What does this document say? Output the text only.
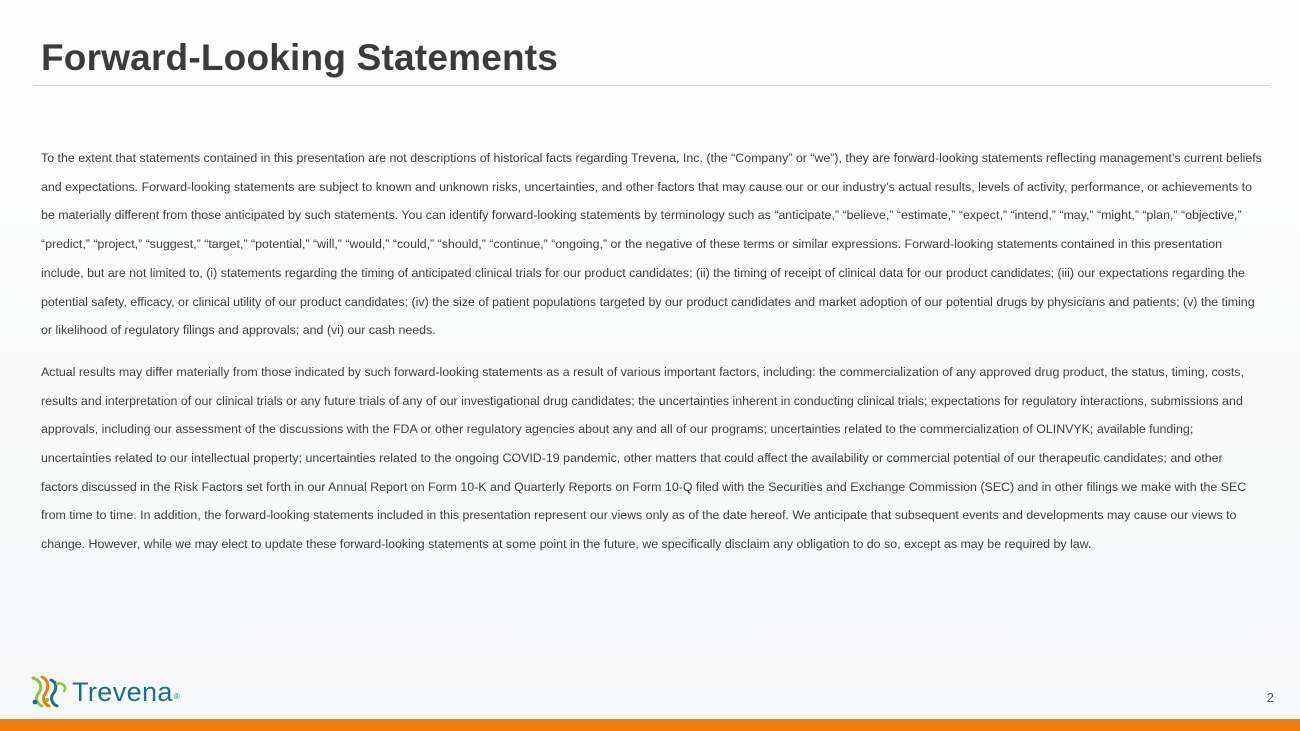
Forward-Looking Statements

To the extent that statements contained in this presentation are not descriptions of historical facts regarding Trevena, Inc. (the “Company” or “we”), they are forward-looking statements reflecting management’s current beliefs and expectations. Forward-looking statements are subject to known and unknown risks, uncertainties, and other factors that may cause our or our industry’s actual results, levels of activity, performance, or achievements to be materially different from those anticipated by such statements. You can identify forward-looking statements by terminology such as “anticipate,” “believe,” “estimate,” “expect,” “intend,” “may,” “might,” “plan,” “objective,” “predict,” “project,” “suggest,” “target,” “potential,” “will,” “would,” “could,” “should,” “continue,” “ongoing,” or the negative of these terms or similar expressions. Forward-looking statements contained in this presentation include, but are not limited to, (i) statements regarding the timing of anticipated clinical trials for our product candidates; (ii) the timing of receipt of clinical data for our product candidates; (iii) our expectations regarding the potential safety, efficacy, or clinical utility of our product candidates; (iv) the size of patient populations targeted by our product candidates and market adoption of our potential drugs by physicians and patients; (v) the timing or likelihood of regulatory filings and approvals; and (vi) our cash needs.

Actual results may differ materially from those indicated by such forward-looking statements as a result of various important factors, including: the commercialization of any approved drug product, the status, timing, costs, results and interpretation of our clinical trials or any future trials of any of our investigational drug candidates; the uncertainties inherent in conducting clinical trials; expectations for regulatory interactions, submissions and approvals, including our assessment of the discussions with the FDA or other regulatory agencies about any and all of our programs; uncertainties related to the commercialization of OLINVYK; available funding; uncertainties related to our intellectual property; uncertainties related to the ongoing COVID-19 pandemic, other matters that could affect the availability or commercial potential of our therapeutic candidates; and other factors discussed in the Risk Factors set forth in our Annual Report on Form 10-K and Quarterly Reports on Form 10-Q filed with the Securities and Exchange Commission (SEC) and in other filings we make with the SEC from time to time. In addition, the forward-looking statements included in this presentation represent our views only as of the date hereof. We anticipate that subsequent events and developments may cause our views to change. However, while we may elect to update these forward-looking statements at some point in the future, we specifically disclaim any obligation to do so, except as may be required by law.

Trevena ®	2
